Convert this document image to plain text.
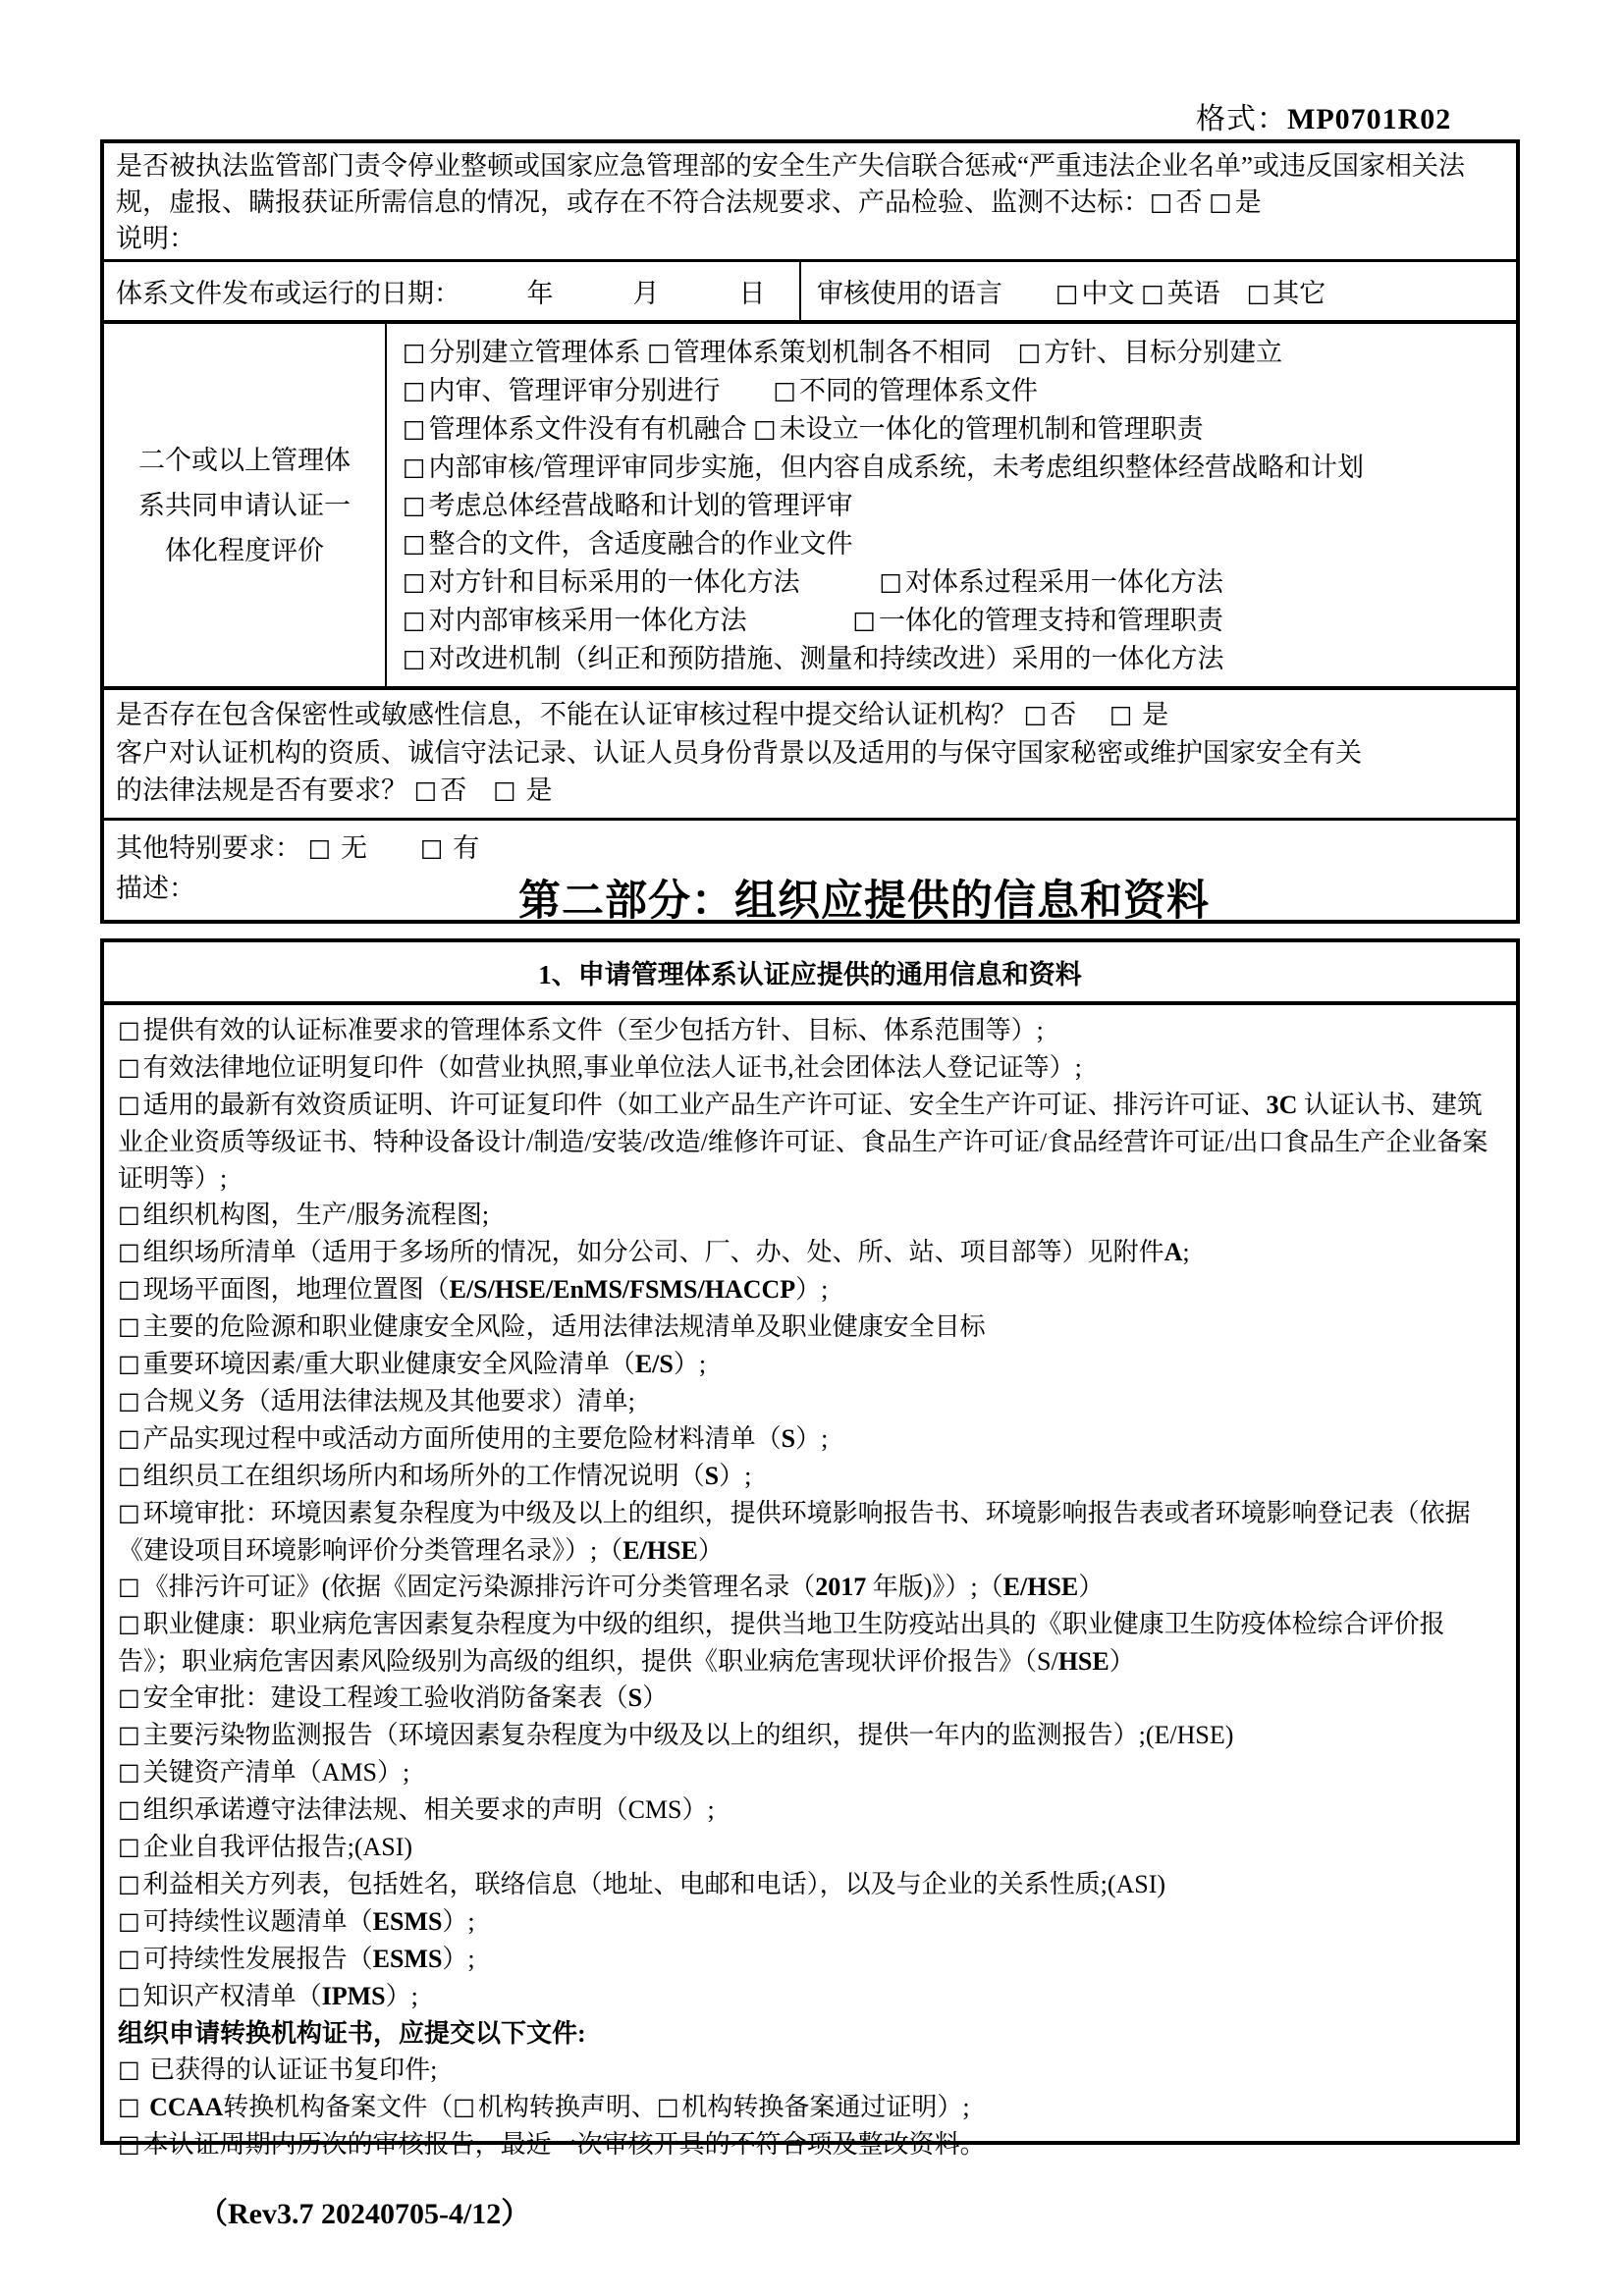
格式：MP0701R02
是否被执法监管部门责令停业整顿或国家应急管理部的安全生产失信联合惩戒“严重违法企业名单”或违反国家相关法规，虚报、瞒报获证所需信息的情况，或存在不符合法规要求、产品检验、监测不达标：□ 否 □ 是
说明：
体系文件发布或运行的日期：　　　年　　　月　　　日	审核使用的语言　　□ 中文 □ 英语　□ 其它
二个或以上管理体系共同申请认证一体化程度评价
□ 分别建立管理体系 □ 管理体系策划机制各不相同　□ 方针、目标分别建立
□ 内审、管理评审分别进行　　□ 不同的管理体系文件
□ 管理体系文件没有有机融合 □ 未设立一体化的管理机制和管理职责
□ 内部审核/管理评审同步实施，但内容自成系统，未考虑组织整体经营战略和计划
□ 考虑总体经营战略和计划的管理评审
□ 整合的文件，含适度融合的作业文件
□ 对方针和目标采用的一体化方法　　　□ 对体系过程采用一体化方法
□ 对内部审核采用一体化方法　　　　□ 一体化的管理支持和管理职责
□ 对改进机制（纠正和预防措施、测量和持续改进）采用的一体化方法
是否存在包含保密性或敏感性信息，不能在认证审核过程中提交给认证机构？ □ 否　 □ 是
客户对认证机构的资质、诚信守法记录、认证人员身份背景以及适用的与保守国家秘密或维护国家安全有关
的法律法规是否有要求？ □ 否　□ 是
其他特别要求： □ 无　　□ 有
描述：	第二部分：组织应提供的信息和资料
1、申请管理体系认证应提供的通用信息和资料
□ 提供有效的认证标准要求的管理体系文件（至少包括方针、目标、体系范围等）;
□ 有效法律地位证明复印件（如营业执照,事业单位法人证书,社会团体法人登记证等）;
□ 适用的最新有效资质证明、许可证复印件（如工业产品生产许可证、安全生产许可证、排污许可证、3C 认证认书、建筑业企业资质等级证书、特种设备设计/制造/安装/改造/维修许可证、食品生产许可证/食品经营许可证/出口食品生产企业备案证明等）;
□ 组织机构图，生产/服务流程图;
□ 组织场所清单（适用于多场所的情况，如分公司、厂、办、处、所、站、项目部等）见附件A;
□ 现场平面图，地理位置图（E/S/HSE/EnMS/FSMS/HACCP）;
□ 主要的危险源和职业健康安全风险，适用法律法规清单及职业健康安全目标
□ 重要环境因素/重大职业健康安全风险清单（E/S）;
□ 合规义务（适用法律法规及其他要求）清单;
□ 产品实现过程中或活动方面所使用的主要危险材料清单（S）;
□ 组织员工在组织场所内和场所外的工作情况说明（S）;
□ 环境审批：环境因素复杂程度为中级及以上的组织，提供环境影响报告书、环境影响报告表或者环境影响登记表（依据《建设项目环境影响评价分类管理名录》）;（E/HSE）
□ 《排污许可证》(依据《固定污染源排污许可分类管理名录（2017 年版)》）;（E/HSE）
□ 职业健康：职业病危害因素复杂程度为中级的组织，提供当地卫生防疫站出具的《职业健康卫生防疫体检综合评价报告》；职业病危害因素风险级别为高级的组织，提供《职业病危害现状评价报告》（S/HSE）
□ 安全审批：建设工程竣工验收消防备案表（S）
□ 主要污染物监测报告（环境因素复杂程度为中级及以上的组织，提供一年内的监测报告）;(E/HSE)
□ 关键资产清单（AMS）;
□ 组织承诺遵守法律法规、相关要求的声明（CMS）;
□ 企业自我评估报告;(ASI)
□ 利益相关方列表，包括姓名，联络信息（地址、电邮和电话），以及与企业的关系性质;(ASI)
□ 可持续性议题清单（ESMS）;
□ 可持续性发展报告（ESMS）;
□ 知识产权清单（IPMS）;
组织申请转换机构证书，应提交以下文件:
□ 已获得的认证证书复印件;
□ CCAA转换机构备案文件（□ 机构转换声明、□ 机构转换备案通过证明）;
□ 本认证周期内历次的审核报告，最近一次审核开具的不符合项及整改资料。
（Rev3.7 20240705-4/12）
